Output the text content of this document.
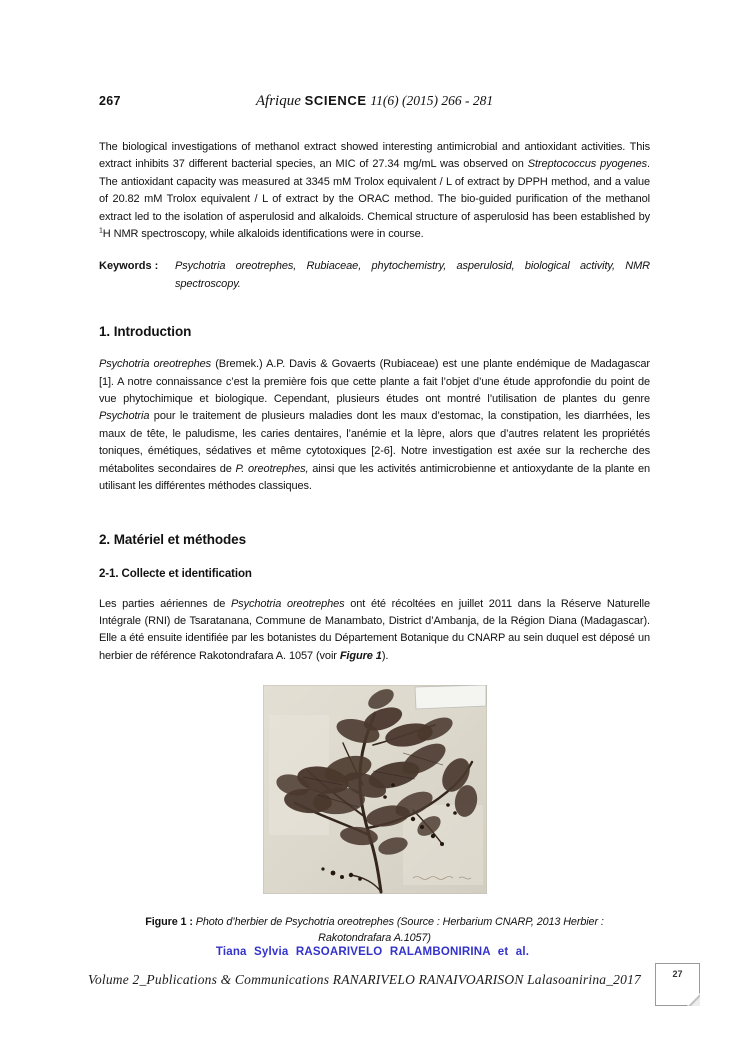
267	Afrique SCIENCE 11(6) (2015) 266 - 281
The biological investigations of methanol extract showed interesting antimicrobial and antioxidant activities. This extract inhibits 37 different bacterial species, an MIC of 27.34 mg/mL was observed on Streptococcus pyogenes. The antioxidant capacity was measured at 3345 mM Trolox equivalent / L of extract by DPPH method, and a value of 20.82 mM Trolox equivalent / L of extract by the ORAC method. The bio-guided purification of the methanol extract led to the isolation of asperulosid and alkaloids. Chemical structure of asperulosid has been established by $^1$H NMR spectroscopy, while alkaloids identifications were in course.
Keywords :	Psychotria oreotrephes, Rubiaceae, phytochemistry, asperulosid, biological activity, NMR spectroscopy.
1. Introduction
Psychotria oreotrephes (Bremek.) A.P. Davis & Govaerts (Rubiaceae) est une plante endémique de Madagascar [1]. A notre connaissance c’est la première fois que cette plante a fait l’objet d’une étude approfondie du point de vue phytochimique et biologique. Cependant, plusieurs études ont montré l’utilisation de plantes du genre Psychotria pour le traitement de plusieurs maladies dont les maux d’estomac, la constipation, les diarrhées, les maux de tête, le paludisme, les caries dentaires, l’anémie et la lèpre, alors que d’autres relatent les propriétés toniques, émétiques, sédatives et même cytotoxiques [2-6]. Notre investigation est axée sur la recherche des métabolites secondaires de P. oreotrephes, ainsi que les activités antimicrobienne et antioxydante de la plante en utilisant les différentes méthodes classiques.
2. Matériel et méthodes
2-1. Collecte et identification
Les parties aériennes de Psychotria oreotrephes ont été récoltées en juillet 2011 dans la Réserve Naturelle Intégrale (RNI) de Tsaratanana, Commune de Manambato, District d’Ambanja, de la Région Diana (Madagascar). Elle a été ensuite identifiée par les botanistes du Département Botanique du CNARP au sein duquel est déposé un herbier de référence Rakotondrafara A. 1057 (voir Figure 1).
Figure 1 : Photo d’herbier de Psychotria oreotrephes (Source : Herbarium CNARP, 2013 Herbier : Rakotondrafara A.1057)
Tiana Sylvia RASOARIVELO RALAMBONIRINA et al.
Volume 2_Publications & Communications RANARIVELO RANAIVOARISON Lalasoanirina_2017	27
